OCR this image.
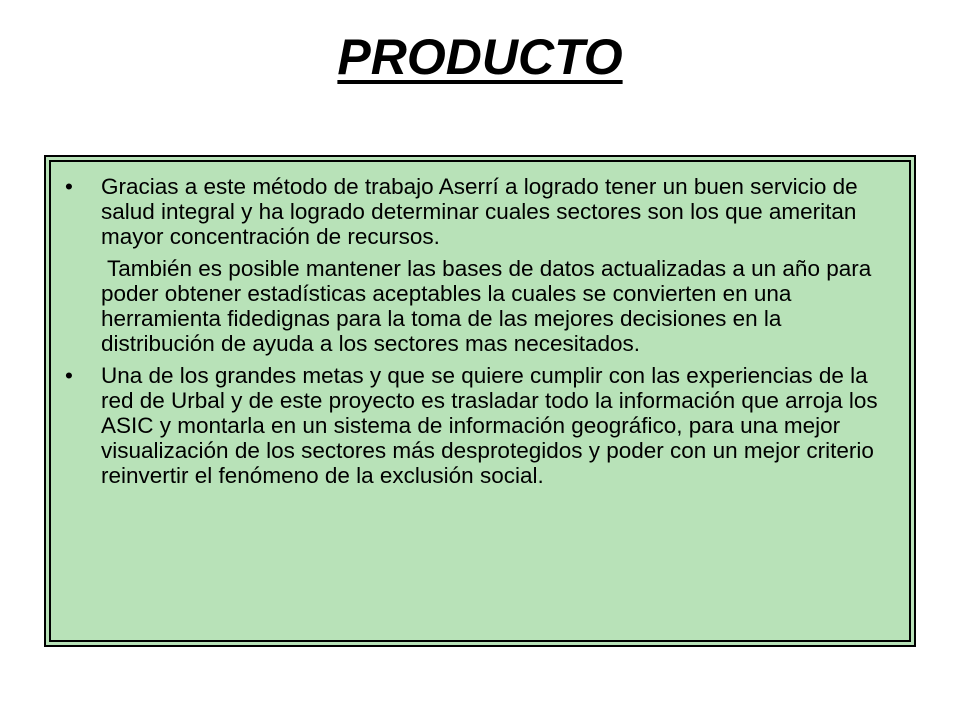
PRODUCTO

• Gracias a este método de trabajo Aserrí a logrado tener un buen servicio de salud integral y ha logrado determinar cuales sectores son los que ameritan mayor concentración de recursos.

También es posible mantener las bases de datos actualizadas a un año para poder obtener estadísticas aceptables la cuales se convierten en una herramienta fidedignas para la toma de las mejores decisiones en la distribución de ayuda a los sectores mas necesitados.

• Una de los grandes metas y que se quiere cumplir con las experiencias de la red de Urbal y de este proyecto es trasladar todo la información que arroja los ASIC y montarla en un sistema de información geográfico, para una mejor visualización de los sectores más desprotegidos y poder con un mejor criterio reinvertir el fenómeno de la exclusión social.
